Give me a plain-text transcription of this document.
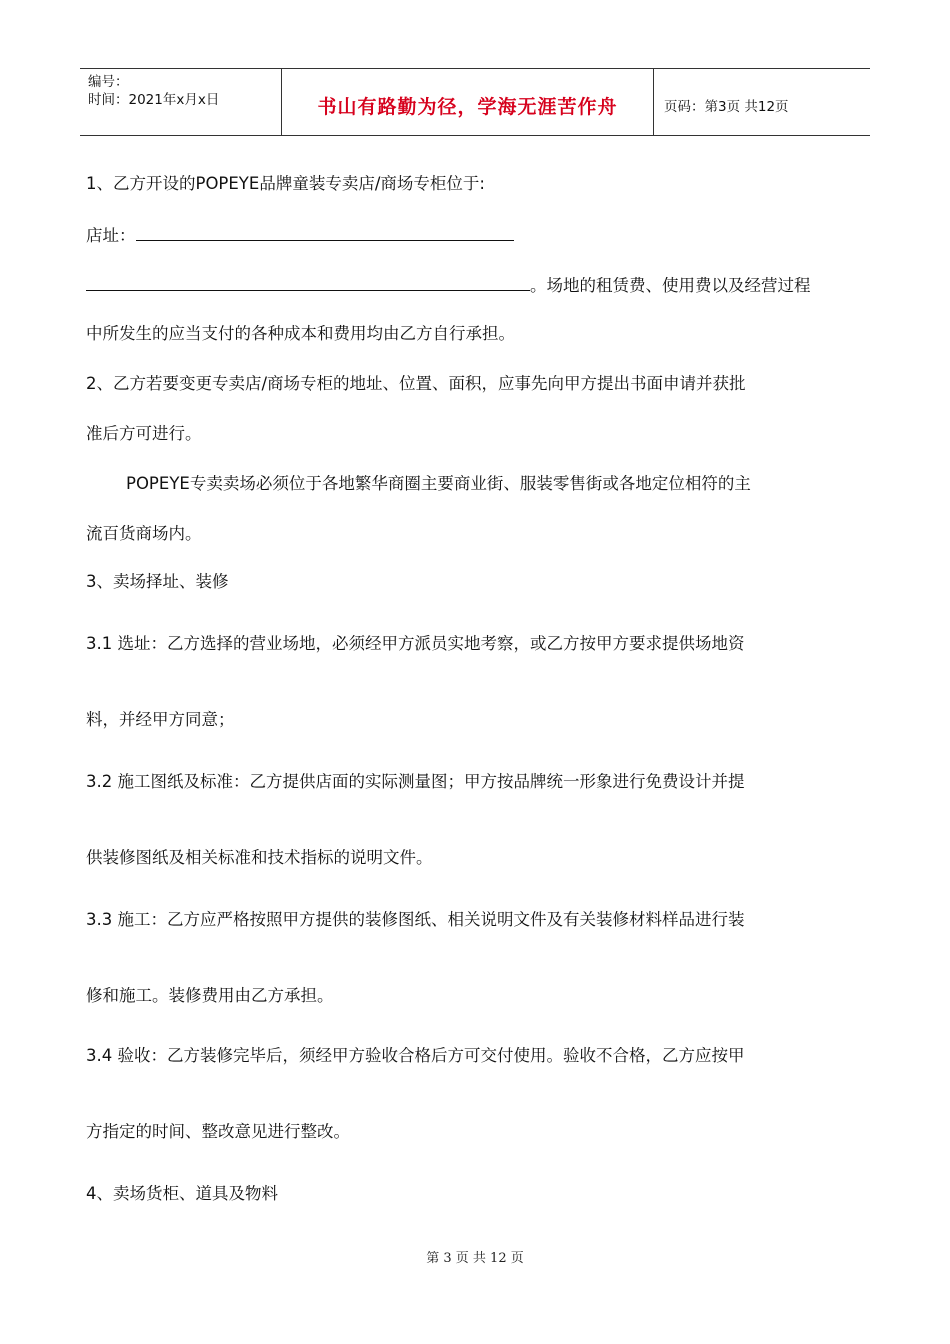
编号：
时间：2021年x月x日	书山有路勤为径，学海无涯苦作舟	页码：第3页 共12页
1、乙方开设的POPEYE品牌童装专卖店/商场专柜位于:
店址：
。场地的租赁费、使用费以及经营过程
中所发生的应当支付的各种成本和费用均由乙方自行承担。
2、乙方若要变更专卖店/商场专柜的地址、位置、面积，应事先向甲方提出书面申请并获批
准后方可进行。
POPEYE专卖卖场必须位于各地繁华商圈主要商业街、服装零售街或各地定位相符的主
流百货商场内。
3、卖场择址、装修
3.1 选址：乙方选择的营业场地，必须经甲方派员实地考察，或乙方按甲方要求提供场地资
料，并经甲方同意；
3.2 施工图纸及标准：乙方提供店面的实际测量图；甲方按品牌统一形象进行免费设计并提
供装修图纸及相关标准和技术指标的说明文件。
3.3 施工：乙方应严格按照甲方提供的装修图纸、相关说明文件及有关装修材料样品进行装
修和施工。装修费用由乙方承担。
3.4 验收：乙方装修完毕后，须经甲方验收合格后方可交付使用。验收不合格，乙方应按甲
方指定的时间、整改意见进行整改。
4、卖场货柜、道具及物料
第 3 页 共 12 页
